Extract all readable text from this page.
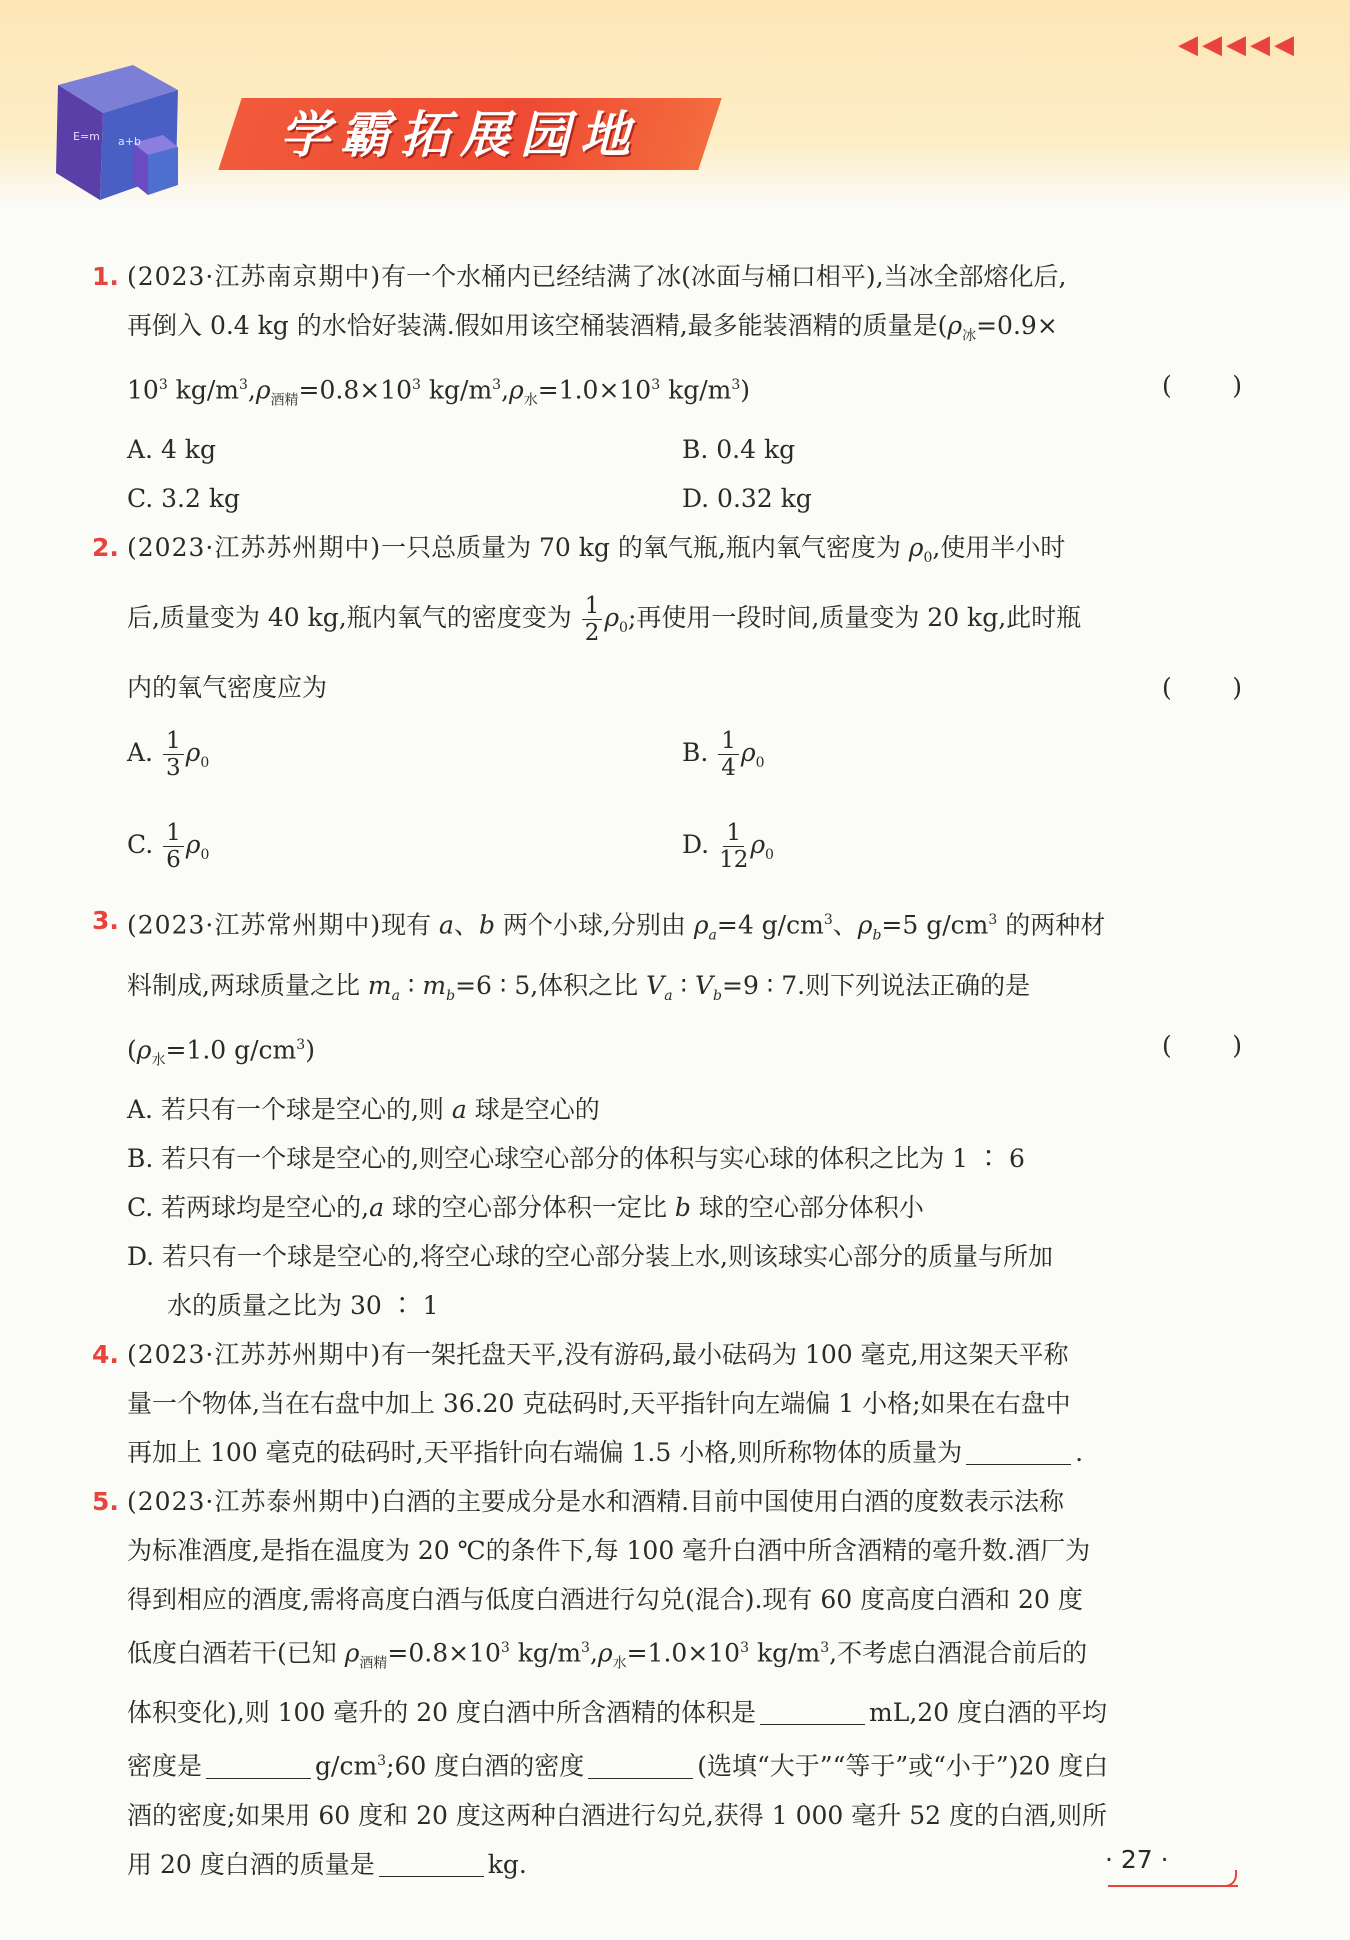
◀◀◀◀◀
E=m a+b	学霸拓展园地
1. (2023·江苏南京期中)有一个水桶内已经结满了冰(冰面与桶口相平),当冰全部熔化后,
再倒入 0.4 kg 的水恰好装满.假如用该空桶装酒精,最多能装酒精的质量是($\rho_冰=0.9\times$
$10^3$ $kg/m^3,\rho_{酒精}=0.8\times 10^3$ $kg/m^3,\rho_水=1.0\times 10^3$ $kg/m^3$)	( )
A. 4 kg	B. 0.4 kg
C. 3.2 kg	D. 0.32 kg
2. (2023·江苏苏州期中)一只总质量为 70 kg 的氧气瓶,瓶内氧气密度为 $\rho_0$,使用半小时
后,质量变为 40 kg,瓶内氧气的密度变为 $\frac{1}{2} \rho_0$;再使用一段时间,质量变为 20 kg,此时瓶
内的氧气密度应为	( )
A. $\frac{1}{3} \rho_0$	B. $\frac{1}{4} \rho_0$
C. $\frac{1}{6} \rho_0$	D. $\frac{1}{12} \rho_0$
3. (2023·江苏常州期中)现有 a、b 两个小球,分别由 $\rho_a=4$ $g/cm^3$、$\rho_b=5$ $g/cm^3$ 的两种材
料制成,两球质量之比 $m_a$ ∶ $m_b=6$ ∶ 5,体积之比 $V_a$ ∶ $V_b=9$ ∶ 7.则下列说法正确的是
($\rho_水=1.0$ $g/cm^3$)	( )
A. 若只有一个球是空心的,则 a 球是空心的
B. 若只有一个球是空心的,则空心球空心部分的体积与实心球的体积之比为 1 ∶ 6
C. 若两球均是空心的,a 球的空心部分体积一定比 b 球的空心部分体积小
D. 若只有一个球是空心的,将空心球的空心部分装上水,则该球实心部分的质量与所加
水的质量之比为 30 ∶ 1
4. (2023·江苏苏州期中)有一架托盘天平,没有游码,最小砝码为 100 毫克,用这架天平称
量一个物体,当在右盘中加上 36.20 克砝码时,天平指针向左端偏 1 小格;如果在右盘中
再加上 100 毫克的砝码时,天平指针向右端偏 1.5 小格,则所称物体的质量为	.
5. (2023·江苏泰州期中)白酒的主要成分是水和酒精.目前中国使用白酒的度数表示法称
为标准酒度,是指在温度为 20 ℃的条件下,每 100 毫升白酒中所含酒精的毫升数.酒厂为
得到相应的酒度,需将高度白酒与低度白酒进行勾兑(混合).现有 60 度高度白酒和 20 度
低度白酒若干(已知 $\rho_{酒精}=0.8\times 10^3$ $kg/m^3,\rho_水=1.0\times 10^3$ $kg/m^3$,不考虑白酒混合前后的
体积变化),则 100 毫升的 20 度白酒中所含酒精的体积是	mL,20 度白酒的平均
密度是	$g/cm^3;60$ 度白酒的密度	(选填“大于”“等于”或“小于”)20 度白
酒的密度;如果用 60 度和 20 度这两种白酒进行勾兑,获得 1 000 毫升 52 度的白酒,则所
用 20 度白酒的质量是	kg.	· 27 ·
